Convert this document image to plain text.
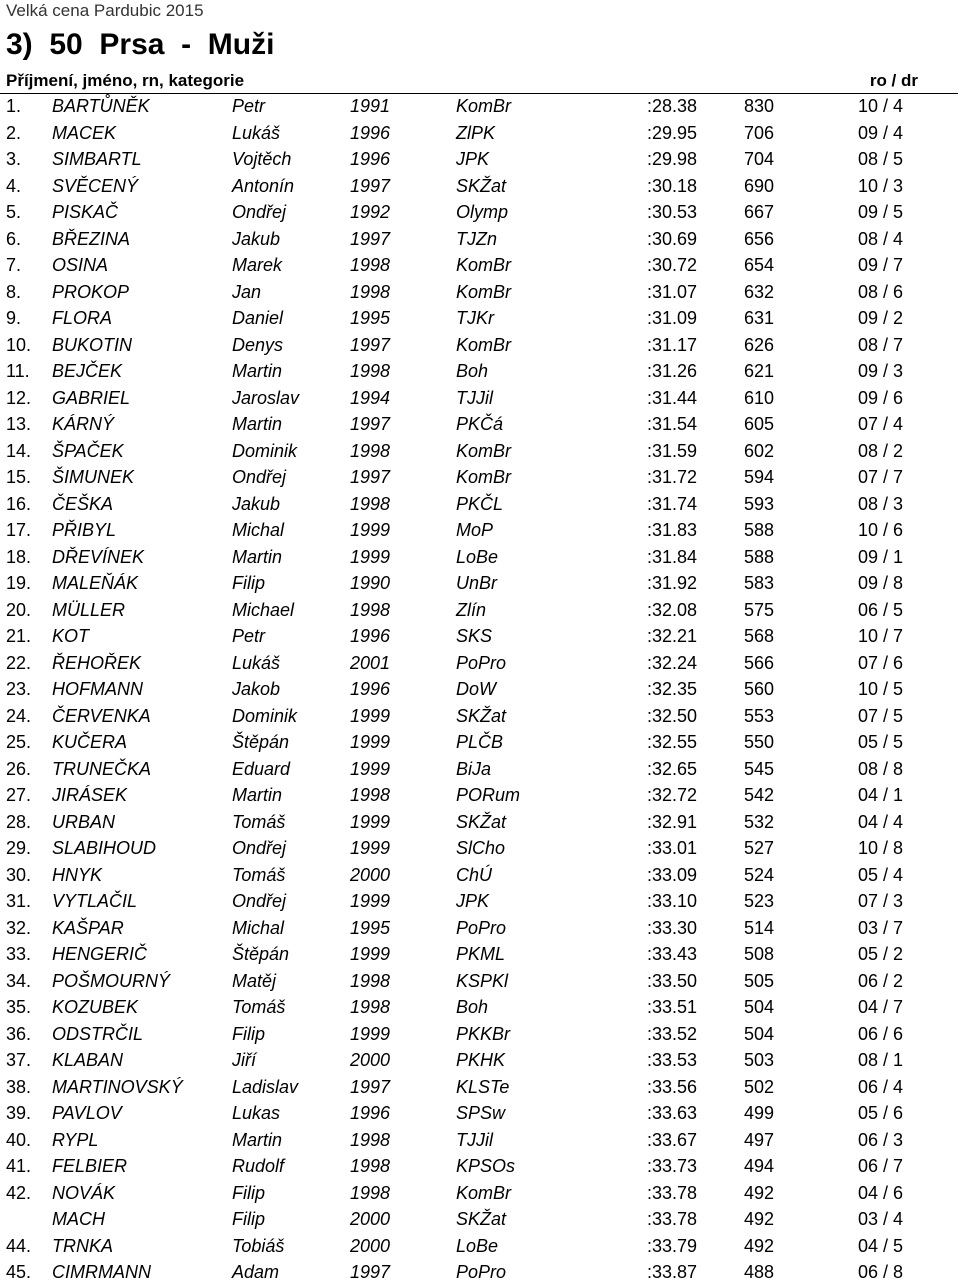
Velká cena Pardubic 2015
3)  50  Prsa  -  Muži
Příjmení, jméno, rn, kategorie	ro / dr
1. BARTŮNĚK	Petr	1991	KomBr	:28.38	830	10 / 4
2. MACEK	Lukáš	1996	ZlPK	:29.95	706	09 / 4
3. SIMBARTL	Vojtěch	1996	JPK	:29.98	704	08 / 5
4. SVĚCENÝ	Antonín	1997	SKŽat	:30.18	690	10 / 3
5. PISKAČ	Ondřej	1992	Olymp	:30.53	667	09 / 5
6. BŘEZINA	Jakub	1997	TJZn	:30.69	656	08 / 4
7. OSINA	Marek	1998	KomBr	:30.72	654	09 / 7
8. PROKOP	Jan	1998	KomBr	:31.07	632	08 / 6
9. FLORA	Daniel	1995	TJKr	:31.09	631	09 / 2
10. BUKOTIN	Denys	1997	KomBr	:31.17	626	08 / 7
11. BEJČEK	Martin	1998	Boh	:31.26	621	09 / 3
12. GABRIEL	Jaroslav	1994	TJJil	:31.44	610	09 / 6
13. KÁRNÝ	Martin	1997	PKČá	:31.54	605	07 / 4
14. ŠPAČEK	Dominik	1998	KomBr	:31.59	602	08 / 2
15. ŠIMUNEK	Ondřej	1997	KomBr	:31.72	594	07 / 7
16. ČEŠKA	Jakub	1998	PKČL	:31.74	593	08 / 3
17. PŘIBYL	Michal	1999	MoP	:31.83	588	10 / 6
18. DŘEVÍNEK	Martin	1999	LoBe	:31.84	588	09 / 1
19. MALEŇÁK	Filip	1990	UnBr	:31.92	583	09 / 8
20. MÜLLER	Michael	1998	Zlín	:32.08	575	06 / 5
21. KOT	Petr	1996	SKS	:32.21	568	10 / 7
22. ŘEHOŘEK	Lukáš	2001	PoPro	:32.24	566	07 / 6
23. HOFMANN	Jakob	1996	DoW	:32.35	560	10 / 5
24. ČERVENKA	Dominik	1999	SKŽat	:32.50	553	07 / 5
25. KUČERA	Štěpán	1999	PLČB	:32.55	550	05 / 5
26. TRUNEČKA	Eduard	1999	BiJa	:32.65	545	08 / 8
27. JIRÁSEK	Martin	1998	PORum	:32.72	542	04 / 1
28. URBAN	Tomáš	1999	SKŽat	:32.91	532	04 / 4
29. SLABIHOUD	Ondřej	1999	SlCho	:33.01	527	10 / 8
30. HNYK	Tomáš	2000	ChÚ	:33.09	524	05 / 4
31. VYTLAČIL	Ondřej	1999	JPK	:33.10	523	07 / 3
32. KAŠPAR	Michal	1995	PoPro	:33.30	514	03 / 7
33. HENGERIČ	Štěpán	1999	PKML	:33.43	508	05 / 2
34. POŠMOURNÝ	Matěj	1998	KSPKl	:33.50	505	06 / 2
35. KOZUBEK	Tomáš	1998	Boh	:33.51	504	04 / 7
36. ODSTRČIL	Filip	1999	PKKBr	:33.52	504	06 / 6
37. KLABAN	Jiří	2000	PKHK	:33.53	503	08 / 1
38. MARTINOVSKÝ	Ladislav	1997	KLSTe	:33.56	502	06 / 4
39. PAVLOV	Lukas	1996	SPSw	:33.63	499	05 / 6
40. RYPL	Martin	1998	TJJil	:33.67	497	06 / 3
41. FELBIER	Rudolf	1998	KPSOs	:33.73	494	06 / 7
42. NOVÁK	Filip	1998	KomBr	:33.78	492	04 / 6
MACH	Filip	2000	SKŽat	:33.78	492	03 / 4
44. TRNKA	Tobiáš	2000	LoBe	:33.79	492	04 / 5
45. CIMRMANN	Adam	1997	PoPro	:33.87	488	06 / 8
